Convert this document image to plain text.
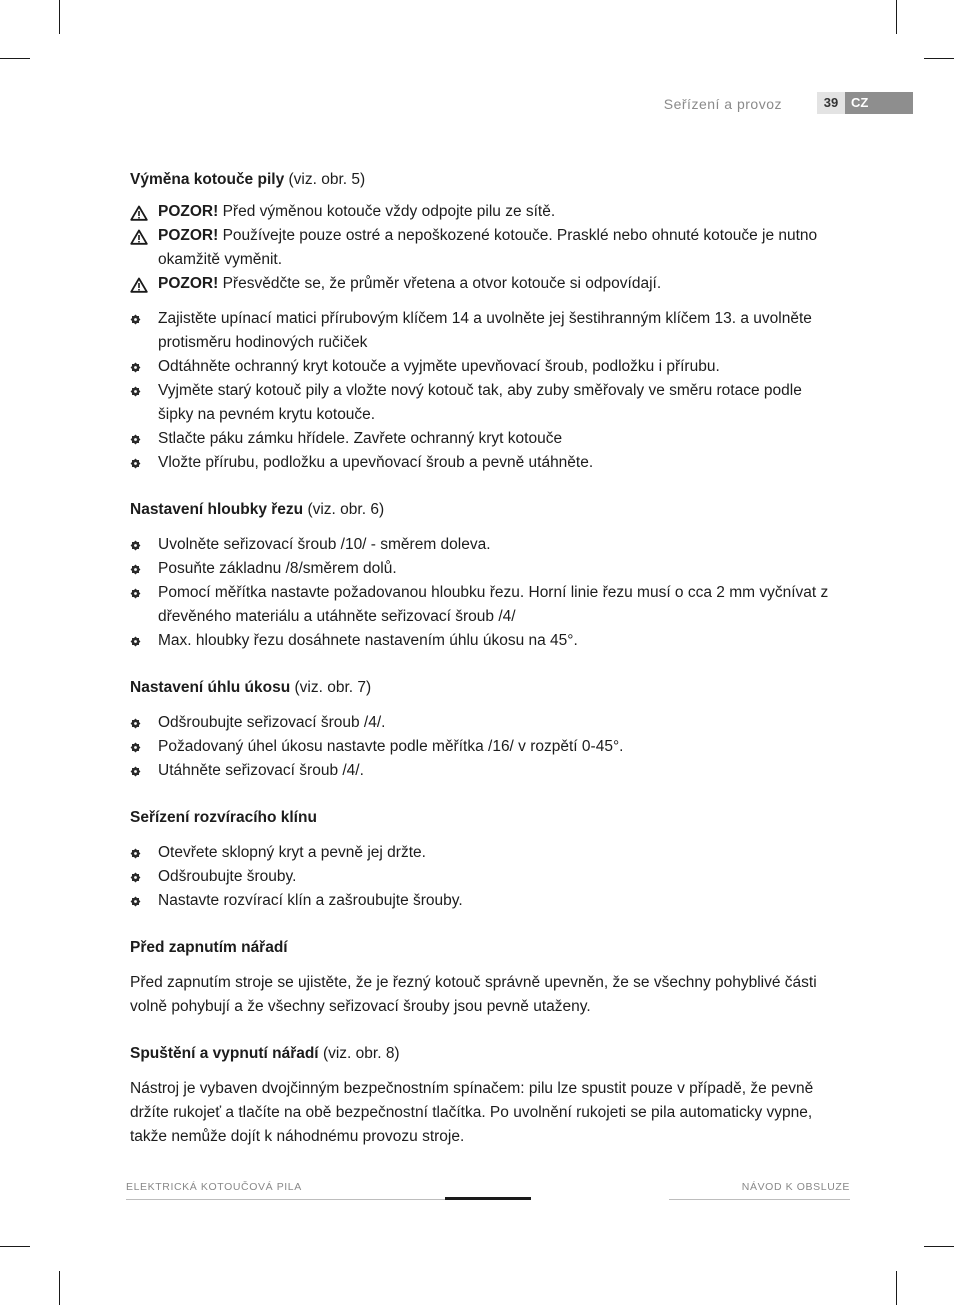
Seřízení a provoz	39 CZ

Výměna kotouče pily (viz. obr. 5)

POZOR! Před výměnou kotouče vždy odpojte pilu ze sítě.

POZOR! Používejte pouze ostré a nepoškozené kotouče. Prasklé nebo ohnuté kotouče je nutno okamžitě vyměnit.

POZOR! Přesvědčte se, že průměr vřetena a otvor kotouče si odpovídají.

Zajistěte upínací matici přírubovým klíčem 14 a uvolněte jej šestihranným klíčem 13. a uvolněte protisměru hodinových ručiček
Odtáhněte ochranný kryt kotouče a vyjměte upevňovací šroub, podložku i přírubu.
Vyjměte starý kotouč pily a vložte nový kotouč tak, aby zuby směřovaly ve směru rotace podle šipky na pevném krytu kotouče.
Stlačte páku zámku hřídele. Zavřete ochranný kryt kotouče
Vložte přírubu, podložku a upevňovací šroub a pevně utáhněte.

Nastavení hloubky řezu (viz. obr. 6)

Uvolněte seřizovací šroub /10/ - směrem doleva.
Posuňte základnu /8/směrem dolů.
Pomocí měřítka nastavte požadovanou hloubku řezu. Horní linie řezu musí o cca 2 mm vyčnívat z dřevěného materiálu a utáhněte seřizovací šroub /4/
Max. hloubky řezu dosáhnete nastavením úhlu úkosu na 45°.

Nastavení úhlu úkosu (viz. obr. 7)

Odšroubujte seřizovací šroub /4/.
Požadovaný úhel úkosu nastavte podle měřítka /16/ v rozpětí 0-45°.
Utáhněte seřizovací šroub /4/.

Seřízení rozvíracího klínu

Otevřete sklopný kryt a pevně jej držte.
Odšroubujte šrouby.
Nastavte rozvírací klín a zašroubujte šrouby.

Před zapnutím nářadí

Před zapnutím stroje se ujistěte, že je řezný kotouč správně upevněn, že se všechny pohyblivé části volně pohybují a že všechny seřizovací šrouby jsou pevně utaženy.

Spuštění a vypnutí nářadí (viz. obr. 8)

Nástroj je vybaven dvojčinným bezpečnostním spínačem: pilu lze spustit pouze v případě, že pevně držíte rukojeť a tlačíte na obě bezpečnostní tlačítka. Po uvolnění rukojeti se pila automaticky vypne, takže nemůže dojít k náhodnému provozu stroje.

ELEKTRICKÁ KOTOUČOVÁ PILA	NÁVOD K OBSLUZE
